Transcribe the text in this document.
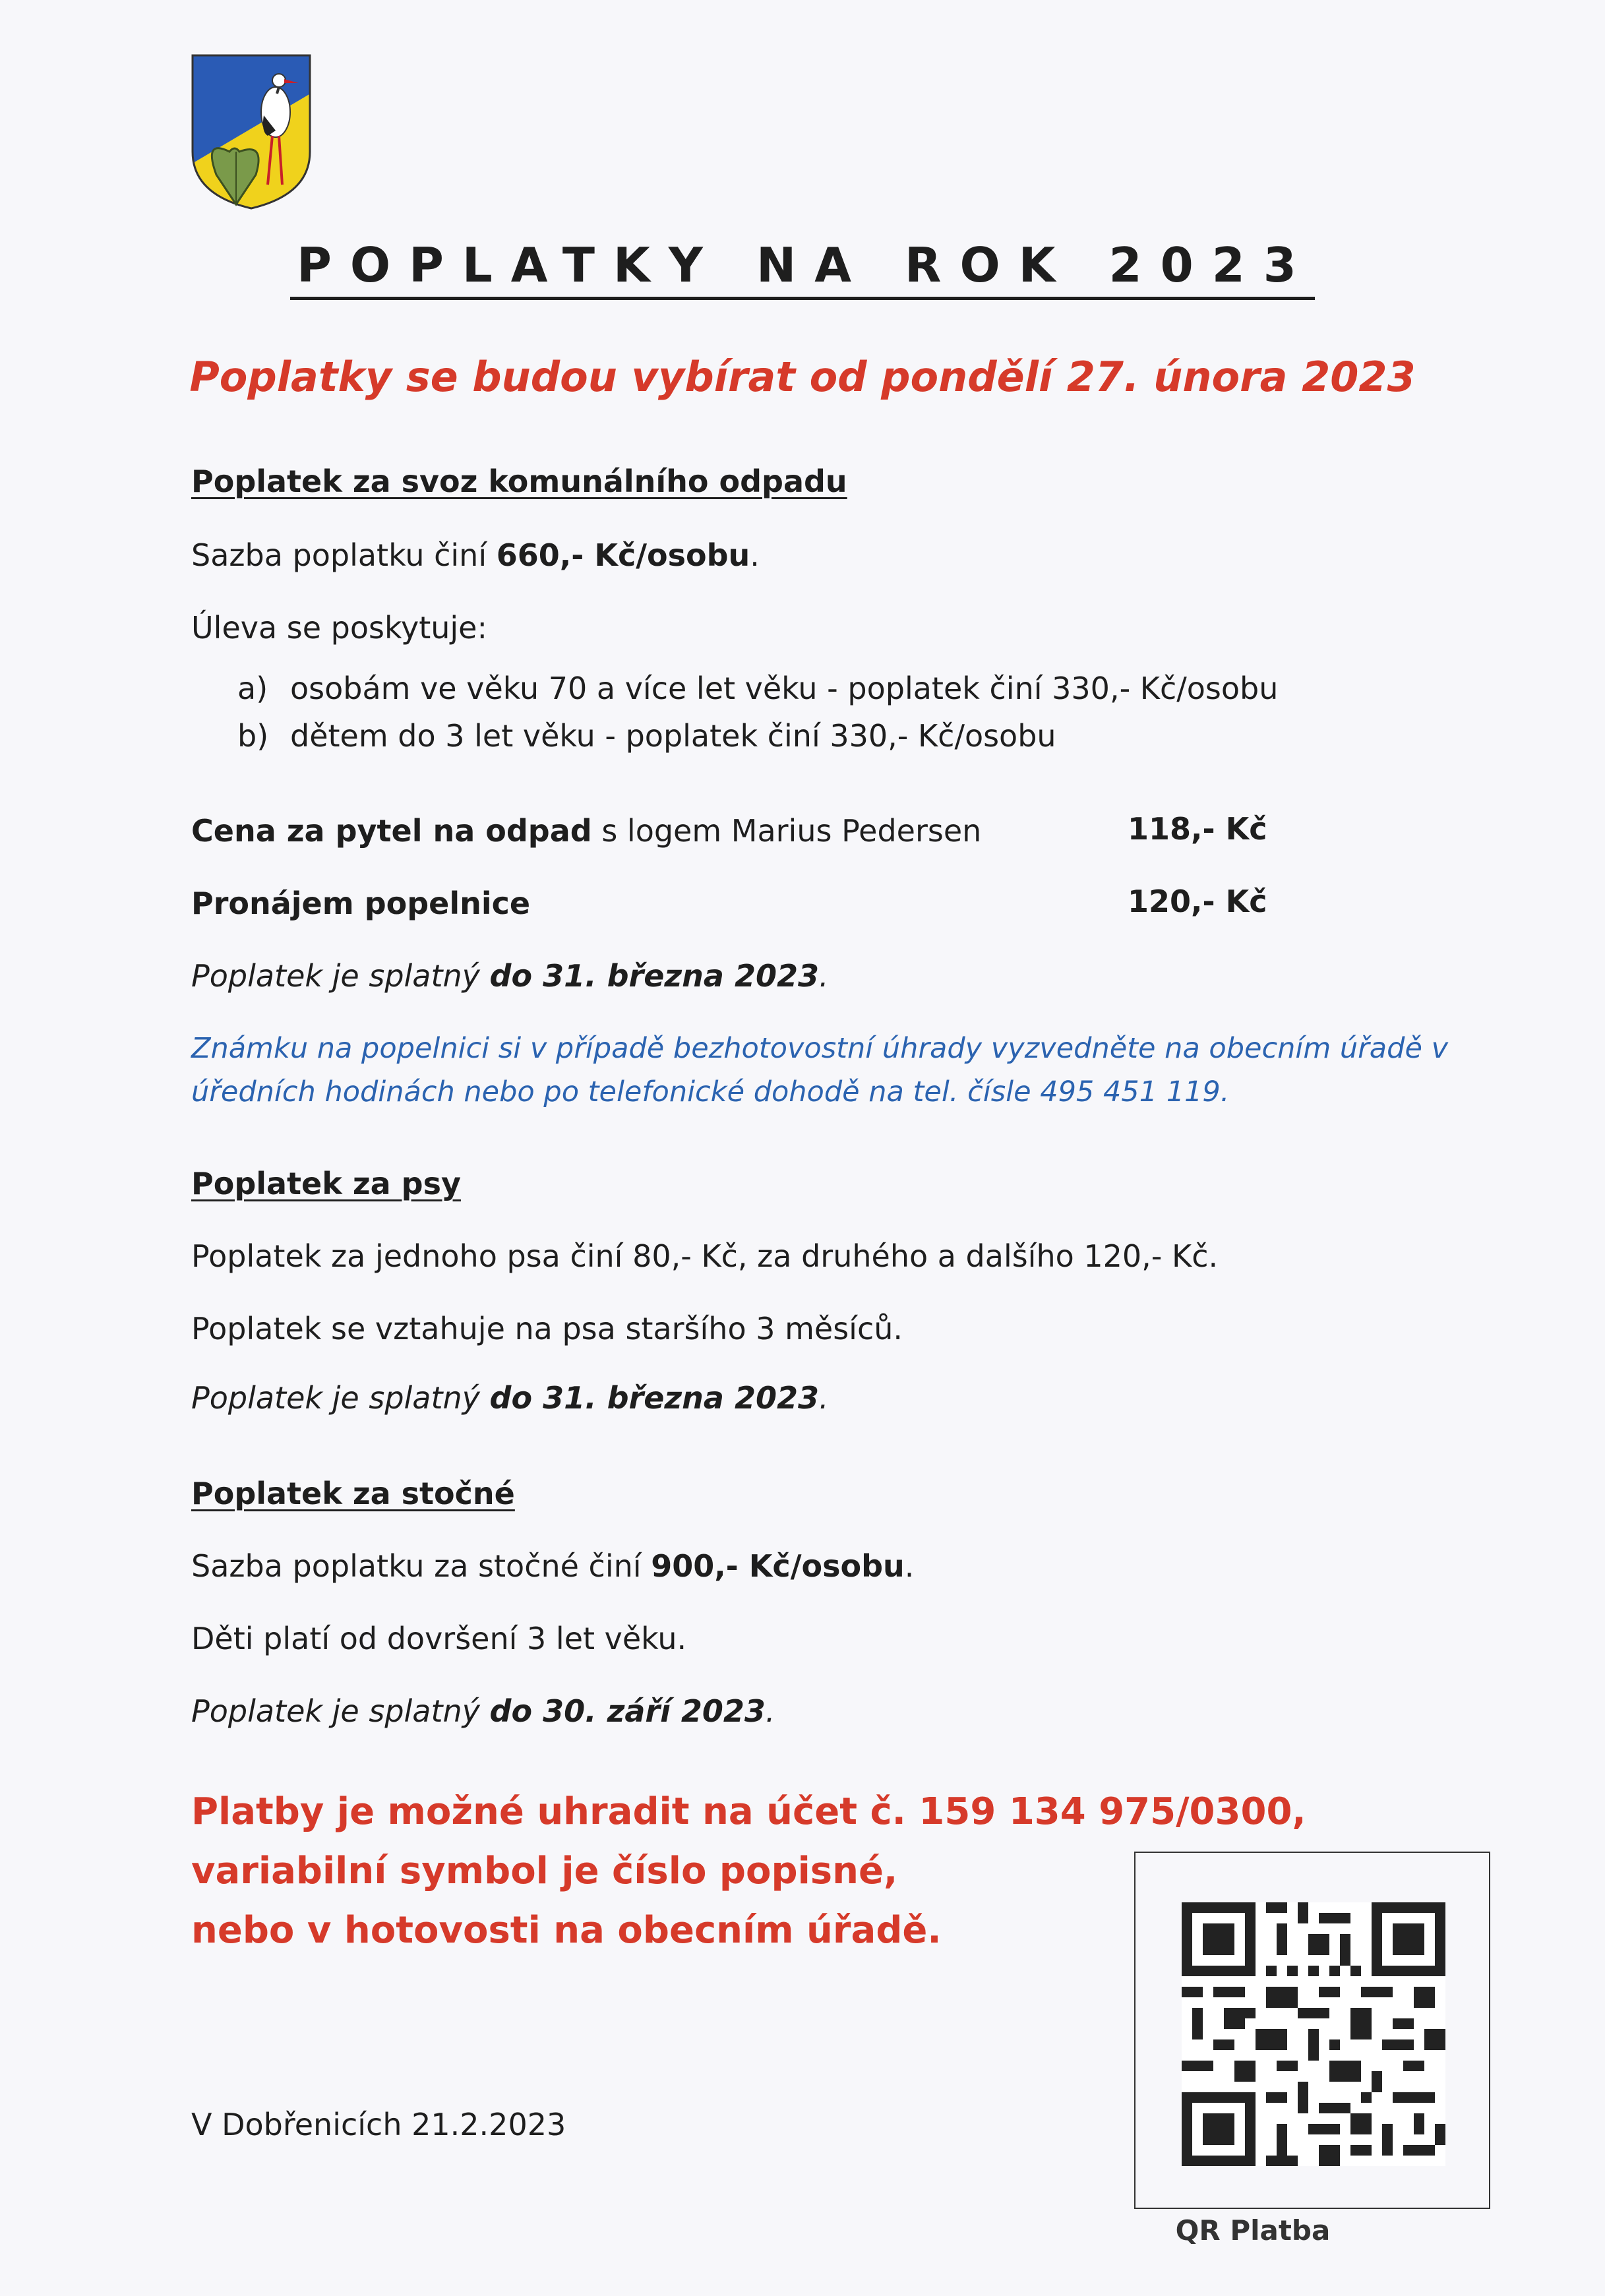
POPLATKY NA ROK 2023
Poplatky se budou vybírat od pondělí 27. února 2023
Poplatek za svoz komunálního odpadu
Sazba poplatku činí 660,- Kč/osobu.
Úleva se poskytuje:
a) osobám ve věku 70 a více let věku - poplatek činí 330,- Kč/osobu
b) dětem do 3 let věku - poplatek činí 330,- Kč/osobu
Cena za pytel na odpad s logem Marius Pedersen	118,- Kč
Pronájem popelnice	120,- Kč
Poplatek je splatný do 31. března 2023.
Známku na popelnici si v případě bezhotovostní úhrady vyzvedněte na obecním úřadě v
úředních hodinách nebo po telefonické dohodě na tel. čísle 495 451 119.
Poplatek za psy
Poplatek za jednoho psa činí 80,- Kč, za druhého a dalšího 120,- Kč.
Poplatek se vztahuje na psa staršího 3 měsíců.
Poplatek je splatný do 31. března 2023.
Poplatek za stočné
Sazba poplatku za stočné činí 900,- Kč/osobu.
Děti platí od dovršení 3 let věku.
Poplatek je splatný do 30. září 2023.
Platby je možné uhradit na účet č. 159 134 975/0300,
variabilní symbol je číslo popisné,
nebo v hotovosti na obecním úřadě.
QR Platba
V Dobřenicích 21.2.2023
